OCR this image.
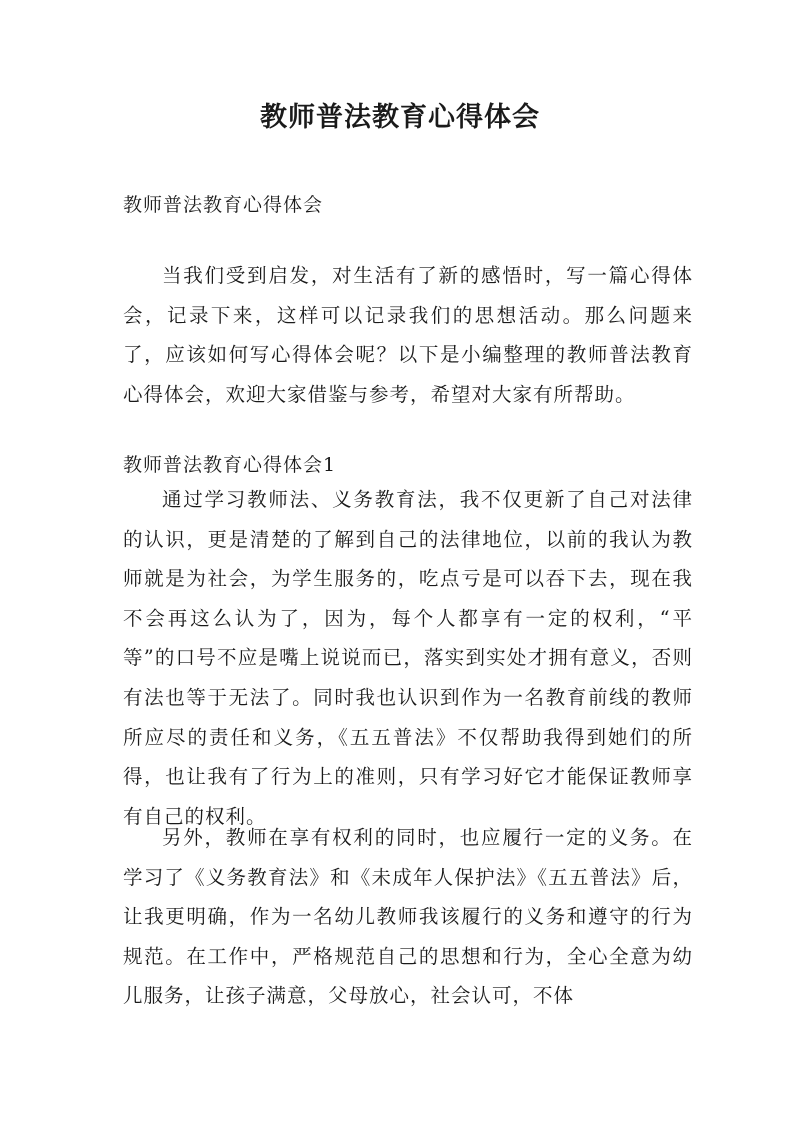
教师普法教育心得体会

教师普法教育心得体会

当我们受到启发，对生活有了新的感悟时，写一篇心得体会，记录下来，这样可以记录我们的思想活动。那么问题来了，应该如何写心得体会呢？以下是小编整理的教师普法教育心得体会，欢迎大家借鉴与参考，希望对大家有所帮助。

教师普法教育心得体会1

通过学习教师法、义务教育法，我不仅更新了自己对法律的认识，更是清楚的了解到自己的法律地位，以前的我认为教师就是为社会，为学生服务的，吃点亏是可以吞下去，现在我不会再这么认为了，因为，每个人都享有一定的权利，“平等”的口号不应是嘴上说说而已，落实到实处才拥有意义，否则有法也等于无法了。同时我也认识到作为一名教育前线的教师所应尽的责任和义务，《五五普法》不仅帮助我得到她们的所得，也让我有了行为上的准则，只有学习好它才能保证教师享有自己的权利。

另外，教师在享有权利的同时，也应履行一定的义务。在学习了《义务教育法》和《未成年人保护法》《五五普法》后，让我更明确，作为一名幼儿教师我该履行的义务和遵守的行为规范。在工作中，严格规范自己的思想和行为，全心全意为幼儿服务，让孩子满意，父母放心，社会认可，不体
